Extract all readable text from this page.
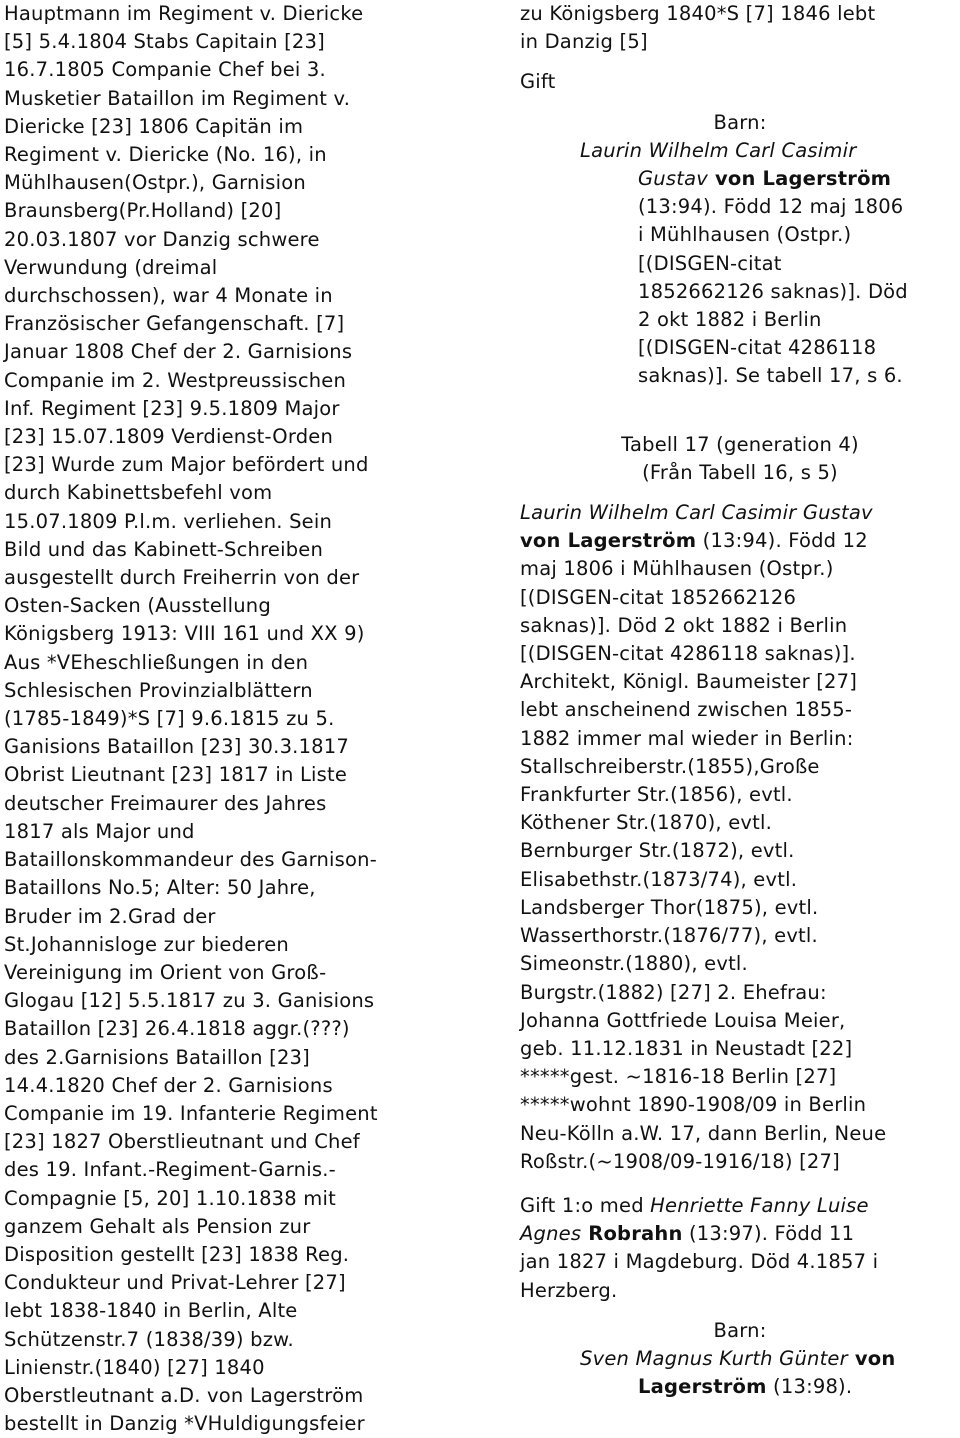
Hauptmann im Regiment v. Diericke
[5] 5.4.1804 Stabs Capitain [23]
16.7.1805 Companie Chef bei 3.
Musketier Bataillon im Regiment v.
Diericke [23] 1806 Capitän im
Regiment v. Diericke (No. 16), in
Mühlhausen(Ostpr.), Garnision
Braunsberg(Pr.Holland) [20]
20.03.1807 vor Danzig schwere
Verwundung (dreimal
durchschossen), war 4 Monate in
Französischer Gefangenschaft. [7]
Januar 1808 Chef der 2. Garnisions
Companie im 2. Westpreussischen
Inf. Regiment [23] 9.5.1809 Major
[23] 15.07.1809 Verdienst-Orden
[23] Wurde zum Major befördert und
durch Kabinettsbefehl vom
15.07.1809 P.l.m. verliehen. Sein
Bild und das Kabinett-Schreiben
ausgestellt durch Freiherrin von der
Osten-Sacken (Ausstellung
Königsberg 1913: VIII 161 und XX 9)
Aus *VEheschließungen in den
Schlesischen Provinzialblättern
(1785-1849)*S [7] 9.6.1815 zu 5.
Ganisions Bataillon [23] 30.3.1817
Obrist Lieutnant [23] 1817 in Liste
deutscher Freimaurer des Jahres
1817 als Major und
Bataillonskommandeur des Garnison-
Bataillons No.5; Alter: 50 Jahre,
Bruder im 2.Grad der
St.Johannisloge zur biederen
Vereinigung im Orient von Groß-
Glogau [12] 5.5.1817 zu 3. Ganisions
Bataillon [23] 26.4.1818 aggr.(???)
des 2.Garnisions Bataillon [23]
14.4.1820 Chef der 2. Garnisions
Companie im 19. Infanterie Regiment
[23] 1827 Oberstlieutnant und Chef
des 19. Infant.-Regiment-Garnis.-
Compagnie [5, 20] 1.10.1838 mit
ganzem Gehalt als Pension zur
Disposition gestellt [23] 1838 Reg.
Condukteur und Privat-Lehrer [27]
lebt 1838-1840 in Berlin, Alte
Schützenstr.7 (1838/39) bzw.
Linienstr.(1840) [27] 1840
Oberstleutnant a.D. von Lagerström
bestellt in Danzig *VHuldigungsfeier
zu Königsberg 1840*S [7] 1846 lebt
in Danzig [5]
Gift
Barn:
Laurin Wilhelm Carl Casimir
Gustav von Lagerström
(13:94). Född 12 maj 1806
i Mühlhausen (Ostpr.)
[(DISGEN-citat
1852662126 saknas)]. Död
2 okt 1882 i Berlin
[(DISGEN-citat 4286118
saknas)]. Se tabell 17, s 6.
Tabell 17 (generation 4)
(Från Tabell 16, s 5)
Laurin Wilhelm Carl Casimir Gustav
von Lagerström (13:94). Född 12
maj 1806 i Mühlhausen (Ostpr.)
[(DISGEN-citat 1852662126
saknas)]. Död 2 okt 1882 i Berlin
[(DISGEN-citat 4286118 saknas)].
Architekt, Königl. Baumeister [27]
lebt anscheinend zwischen 1855-
1882 immer mal wieder in Berlin:
Stallschreiberstr.(1855),Große
Frankfurter Str.(1856), evtl.
Köthener Str.(1870), evtl.
Bernburger Str.(1872), evtl.
Elisabethstr.(1873/74), evtl.
Landsberger Thor(1875), evtl.
Wasserthorstr.(1876/77), evtl.
Simeonstr.(1880), evtl.
Burgstr.(1882) [27] 2. Ehefrau:
Johanna Gottfriede Louisa Meier,
geb. 11.12.1831 in Neustadt [22]
*****gest. ~1816-18 Berlin [27]
*****wohnt 1890-1908/09 in Berlin
Neu-Kölln a.W. 17, dann Berlin, Neue
Roßstr.(~1908/09-1916/18) [27]
Gift 1:o med Henriette Fanny Luise
Agnes Robrahn (13:97). Född 11
jan 1827 i Magdeburg. Död 4.1857 i
Herzberg.
Barn:
Sven Magnus Kurth Günter von
Lagerström (13:98).
